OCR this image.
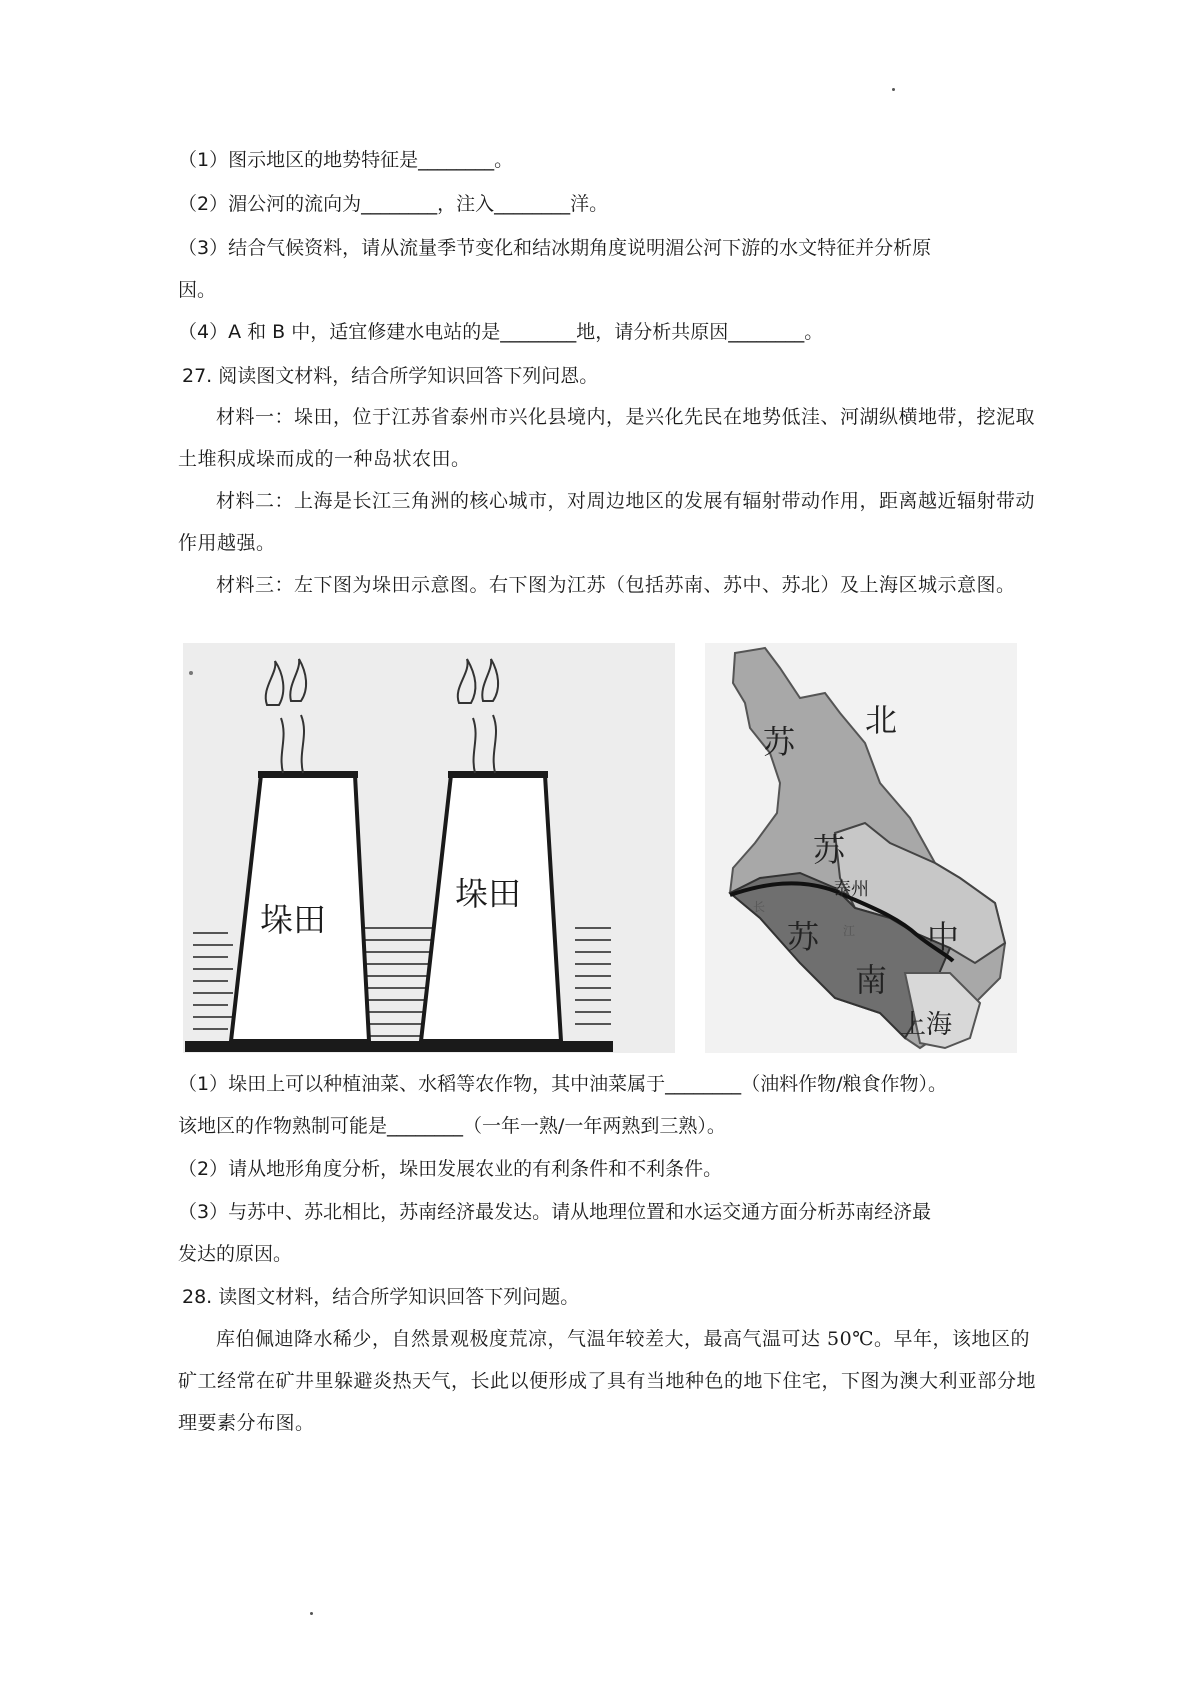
（1）图示地区的地势特征是________。
（2）湄公河的流向为________，注入________洋。
（3）结合气候资料，请从流量季节变化和结冰期角度说明湄公河下游的水文特征并分析原
因。
（4）A 和 B 中，适宜修建水电站的是________地，请分析共原因________。
27. 阅读图文材料，结合所学知识回答下列问恩。
材料一：垛田，位于江苏省泰州市兴化县境内，是兴化先民在地势低洼、河湖纵横地带，挖泥取土堆积成垛而成的一种岛状农田。
材料二：上海是长江三角洲的核心城市，对周边地区的发展有辐射带动作用，距离越近辐射带动作用越强。
材料三：左下图为垛田示意图。右下图为江苏（包括苏南、苏中、苏北）及上海区城示意图。
垛田
垛田
苏
北
苏
中
泰州
苏
南
上海
长
江
（1）垛田上可以种植油菜、水稻等农作物，其中油菜属于________（油料作物/粮食作物）。
该地区的作物熟制可能是________（一年一熟/一年两熟到三熟）。
（2）请从地形角度分析，垛田发展农业的有利条件和不利条件。
（3）与苏中、苏北相比，苏南经济最发达。请从地理位置和水运交通方面分析苏南经济最
发达的原因。
28. 读图文材料，结合所学知识回答下列问题。
库伯佩迪降水稀少，自然景观极度荒凉，气温年较差大，最高气温可达 50℃。早年，该地区的矿工经常在矿井里躲避炎热天气，长此以便形成了具有当地种色的地下住宅，下图为澳大利亚部分地理要素分布图。
